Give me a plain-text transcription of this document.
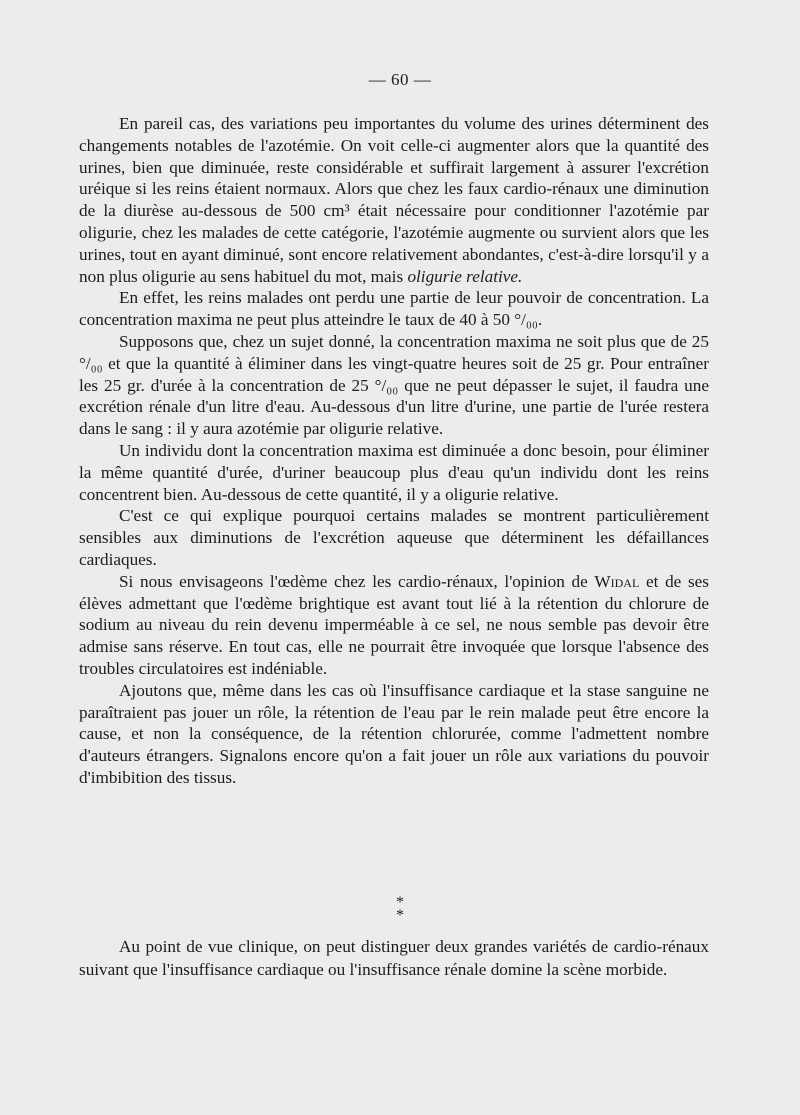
— 60 —

En pareil cas, des variations peu importantes du volume des urines déterminent des changements notables de l'azotémie. On voit celle-ci augmenter alors que la quantité des urines, bien que diminuée, reste considérable et suffirait largement à assurer l'excrétion uréique si les reins étaient normaux. Alors que chez les faux cardio-rénaux une diminution de la diurèse au-dessous de 500 cm³ était nécessaire pour conditionner l'azotémie par oligurie, chez les malades de cette catégorie, l'azotémie augmente ou survient alors que les urines, tout en ayant diminué, sont encore relativement abondantes, c'est-à-dire lorsqu'il y a non plus oligurie au sens habituel du mot, mais oligurie relative.

En effet, les reins malades ont perdu une partie de leur pouvoir de concentration. La concentration maxima ne peut plus atteindre le taux de 40 à 50 °/₀₀.

Supposons que, chez un sujet donné, la concentration maxima ne soit plus que de 25 °/₀₀ et que la quantité à éliminer dans les vingt-quatre heures soit de 25 gr. Pour entraîner les 25 gr. d'urée à la concentration de 25 °/₀₀ que ne peut dépasser le sujet, il faudra une excrétion rénale d'un litre d'eau. Au-dessous d'un litre d'urine, une partie de l'urée restera dans le sang : il y aura azotémie par oligurie relative.

Un individu dont la concentration maxima est diminuée a donc besoin, pour éliminer la même quantité d'urée, d'uriner beaucoup plus d'eau qu'un individu dont les reins concentrent bien. Au-dessous de cette quantité, il y a oligurie relative.

C'est ce qui explique pourquoi certains malades se montrent particulièrement sensibles aux diminutions de l'excrétion aqueuse que déterminent les défaillances cardiaques.

Si nous envisageons l'œdème chez les cardio-rénaux, l'opinion de Widal et de ses élèves admettant que l'œdème brightique est avant tout lié à la rétention du chlorure de sodium au niveau du rein devenu imperméable à ce sel, ne nous semble pas devoir être admise sans réserve. En tout cas, elle ne pourrait être invoquée que lorsque l'absence des troubles circulatoires est indéniable.

Ajoutons que, même dans les cas où l'insuffisance cardiaque et la stase sanguine ne paraîtraient pas jouer un rôle, la rétention de l'eau par le rein malade peut être encore la cause, et non la conséquence, de la rétention chlorurée, comme l'admettent nombre d'auteurs étrangers. Signalons encore qu'on a fait jouer un rôle aux variations du pouvoir d'imbibition des tissus.

*
*

Au point de vue clinique, on peut distinguer deux grandes variétés de cardio-rénaux suivant que l'insuffisance cardiaque ou l'insuffisance rénale domine la scène morbide.
